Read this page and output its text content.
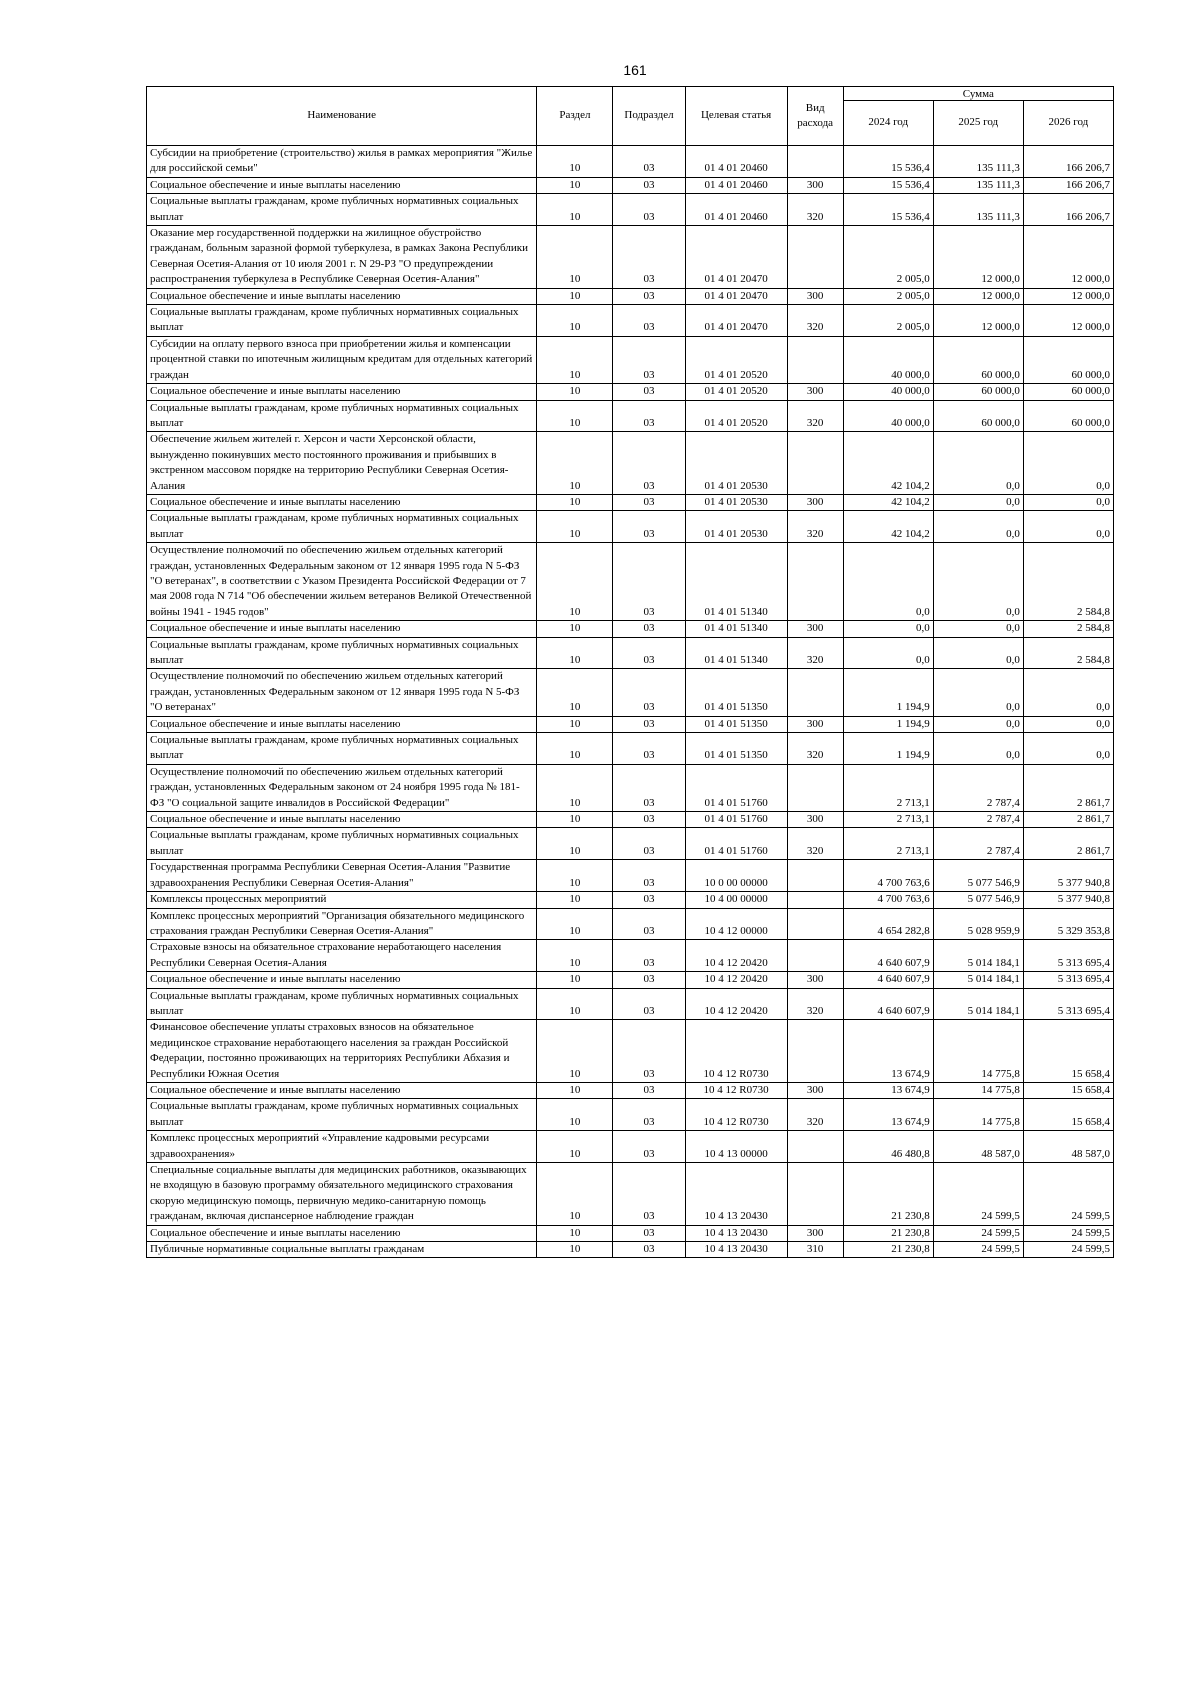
161
Наименование	Раздел	Подраздел	Целевая статья	Вид расхода	Сумма		
					2024 год	2025 год	2026 год
Субсидии на приобретение (строительство) жилья в рамках мероприятия "Жилье для российской семьи"	10	03	01 4 01 20460		15 536,4	135 111,3	166 206,7
Социальное обеспечение и иные выплаты населению	10	03	01 4 01 20460	300	15 536,4	135 111,3	166 206,7
Социальные выплаты гражданам, кроме публичных нормативных социальных выплат	10	03	01 4 01 20460	320	15 536,4	135 111,3	166 206,7
Оказание мер государственной поддержки на жилищное обустройство гражданам, больным заразной формой туберкулеза, в рамках Закона Республики Северная Осетия-Алания от 10 июля 2001 г. N 29-РЗ "О предупреждении распространения туберкулеза в Республике Северная Осетия-Алания"	10	03	01 4 01 20470		2 005,0	12 000,0	12 000,0
Социальное обеспечение и иные выплаты населению	10	03	01 4 01 20470	300	2 005,0	12 000,0	12 000,0
Социальные выплаты гражданам, кроме публичных нормативных социальных выплат	10	03	01 4 01 20470	320	2 005,0	12 000,0	12 000,0
Субсидии на оплату первого взноса при приобретении жилья и компенсации процентной ставки по ипотечным жилищным кредитам для отдельных категорий граждан	10	03	01 4 01 20520		40 000,0	60 000,0	60 000,0
Социальное обеспечение и иные выплаты населению	10	03	01 4 01 20520	300	40 000,0	60 000,0	60 000,0
Социальные выплаты гражданам, кроме публичных нормативных социальных выплат	10	03	01 4 01 20520	320	40 000,0	60 000,0	60 000,0
Обеспечение жильем жителей г. Херсон и части Херсонской области, вынужденно покинувших место постоянного проживания и прибывших в экстренном массовом порядке на территорию Республики Северная Осетия-Алания	10	03	01 4 01 20530		42 104,2	0,0	0,0
Социальное обеспечение и иные выплаты населению	10	03	01 4 01 20530	300	42 104,2	0,0	0,0
Социальные выплаты гражданам, кроме публичных нормативных социальных выплат	10	03	01 4 01 20530	320	42 104,2	0,0	0,0
Осуществление полномочий по обеспечению жильем отдельных категорий граждан, установленных Федеральным законом от 12 января 1995 года N 5-ФЗ "О ветеранах", в соответствии с Указом Президента Российской Федерации от 7 мая 2008 года N 714 "Об обеспечении жильем ветеранов Великой Отечественной войны 1941 - 1945 годов"	10	03	01 4 01 51340		0,0	0,0	2 584,8
Социальное обеспечение и иные выплаты населению	10	03	01 4 01 51340	300	0,0	0,0	2 584,8
Социальные выплаты гражданам, кроме публичных нормативных социальных выплат	10	03	01 4 01 51340	320	0,0	0,0	2 584,8
Осуществление полномочий по обеспечению жильем отдельных категорий граждан, установленных Федеральным законом от 12 января 1995 года N 5-ФЗ "О ветеранах"	10	03	01 4 01 51350		1 194,9	0,0	0,0
Социальное обеспечение и иные выплаты населению	10	03	01 4 01 51350	300	1 194,9	0,0	0,0
Социальные выплаты гражданам, кроме публичных нормативных социальных выплат	10	03	01 4 01 51350	320	1 194,9	0,0	0,0
Осуществление полномочий по обеспечению жильем отдельных категорий граждан, установленных Федеральным законом от 24 ноября 1995 года № 181-ФЗ "О социальной защите инвалидов в Российской Федерации"	10	03	01 4 01 51760		2 713,1	2 787,4	2 861,7
Социальное обеспечение и иные выплаты населению	10	03	01 4 01 51760	300	2 713,1	2 787,4	2 861,7
Социальные выплаты гражданам, кроме публичных нормативных социальных выплат	10	03	01 4 01 51760	320	2 713,1	2 787,4	2 861,7
Государственная программа Республики Северная Осетия-Алания "Развитие здравоохранения Республики Северная Осетия-Алания"	10	03	10 0 00 00000		4 700 763,6	5 077 546,9	5 377 940,8
Комплексы процессных мероприятий	10	03	10 4 00 00000		4 700 763,6	5 077 546,9	5 377 940,8
Комплекс процессных мероприятий "Организация обязательного медицинского страхования граждан Республики Северная Осетия-Алания"	10	03	10 4 12 00000		4 654 282,8	5 028 959,9	5 329 353,8
Страховые взносы на обязательное страхование неработающего населения Республики Северная Осетия-Алания	10	03	10 4 12 20420		4 640 607,9	5 014 184,1	5 313 695,4
Социальное обеспечение и иные выплаты населению	10	03	10 4 12 20420	300	4 640 607,9	5 014 184,1	5 313 695,4
Социальные выплаты гражданам, кроме публичных нормативных социальных выплат	10	03	10 4 12 20420	320	4 640 607,9	5 014 184,1	5 313 695,4
Финансовое обеспечение уплаты страховых взносов на обязательное медицинское страхование неработающего населения за граждан Российской Федерации, постоянно проживающих на территориях Республики Абхазия и Республики Южная Осетия	10	03	10 4 12 R0730		13 674,9	14 775,8	15 658,4
Социальное обеспечение и иные выплаты населению	10	03	10 4 12 R0730	300	13 674,9	14 775,8	15 658,4
Социальные выплаты гражданам, кроме публичных нормативных социальных выплат	10	03	10 4 12 R0730	320	13 674,9	14 775,8	15 658,4
Комплекс процессных мероприятий «Управление кадровыми ресурсами здравоохранения»	10	03	10 4 13 00000		46 480,8	48 587,0	48 587,0
Специальные социальные выплаты для медицинских работников, оказывающих не входящую в базовую программу обязательного медицинского страхования скорую медицинскую помощь, первичную медико-санитарную помощь гражданам, включая диспансерное наблюдение граждан	10	03	10 4 13 20430		21 230,8	24 599,5	24 599,5
Социальное обеспечение и иные выплаты населению	10	03	10 4 13 20430	300	21 230,8	24 599,5	24 599,5
Публичные нормативные социальные выплаты гражданам	10	03	10 4 13 20430	310	21 230,8	24 599,5	24 599,5
